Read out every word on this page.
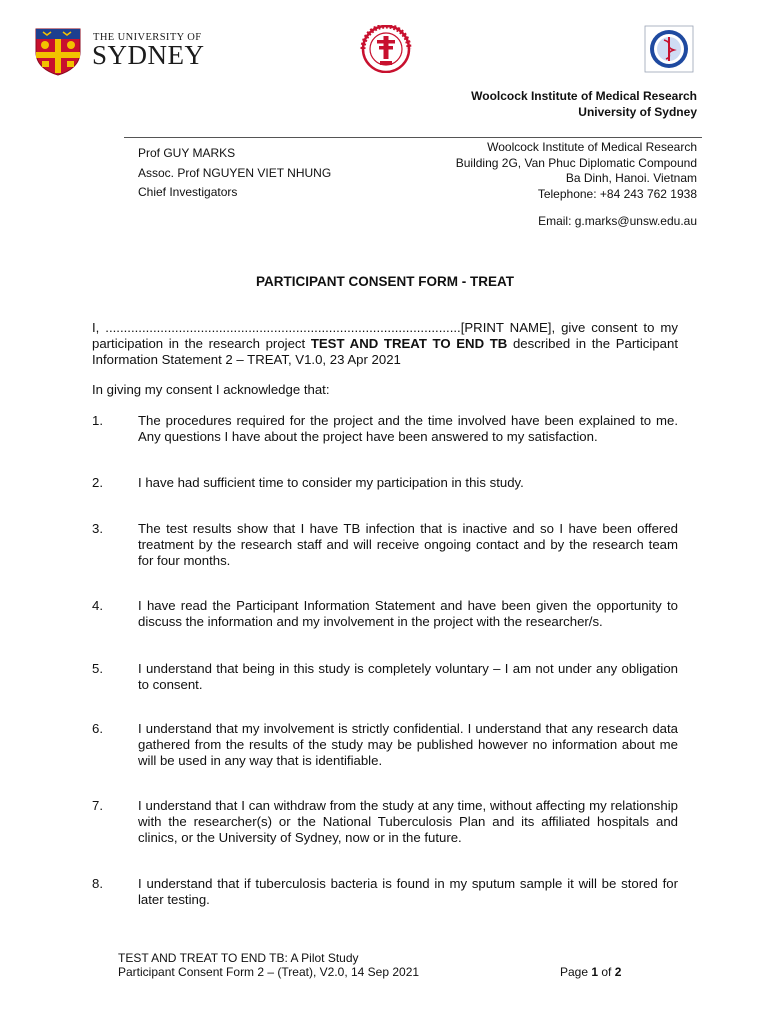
THE UNIVERSITY OF
SYDNEY
Woolcock Institute of Medical Research
University of Sydney
Prof GUY MARKS
Assoc. Prof NGUYEN VIET NHUNG
Chief Investigators
Woolcock Institute of Medical Research
Building 2G, Van Phuc Diplomatic Compound
Ba Dinh, Hanoi. Vietnam
Telephone: +84 243 762 1938
Email: g.marks@unsw.edu.au
PARTICIPANT CONSENT FORM - TREAT
I, .................................................................................................[PRINT NAME], give consent to my participation in the research project TEST AND TREAT TO END TB described in the Participant Information Statement 2 – TREAT, V1.0, 23 Apr 2021
In giving my consent I acknowledge that:
1.	The procedures required for the project and the time involved have been explained to me. Any questions I have about the project have been answered to my satisfaction.
2.	I have had sufficient time to consider my participation in this study.
3.	The test results show that I have TB infection that is inactive and so I have been offered treatment by the research staff and will receive ongoing contact and by the research team for four months.
4.	I have read the Participant Information Statement and have been given the opportunity to discuss the information and my involvement in the project with the researcher/s.
5.	I understand that being in this study is completely voluntary – I am not under any obligation to consent.
6.	I understand that my involvement is strictly confidential. I understand that any research data gathered from the results of the study may be published however no information about me will be used in any way that is identifiable.
7.	I understand that I can withdraw from the study at any time, without affecting my relationship with the researcher(s) or the National Tuberculosis Plan and its affiliated hospitals and clinics, or the University of Sydney, now or in the future.
8.	I understand that if tuberculosis bacteria is found in my sputum sample it will be stored for later testing.
TEST AND TREAT TO END TB: A Pilot Study
Participant Consent Form 2 – (Treat), V2.0, 14 Sep 2021	Page 1 of 2
